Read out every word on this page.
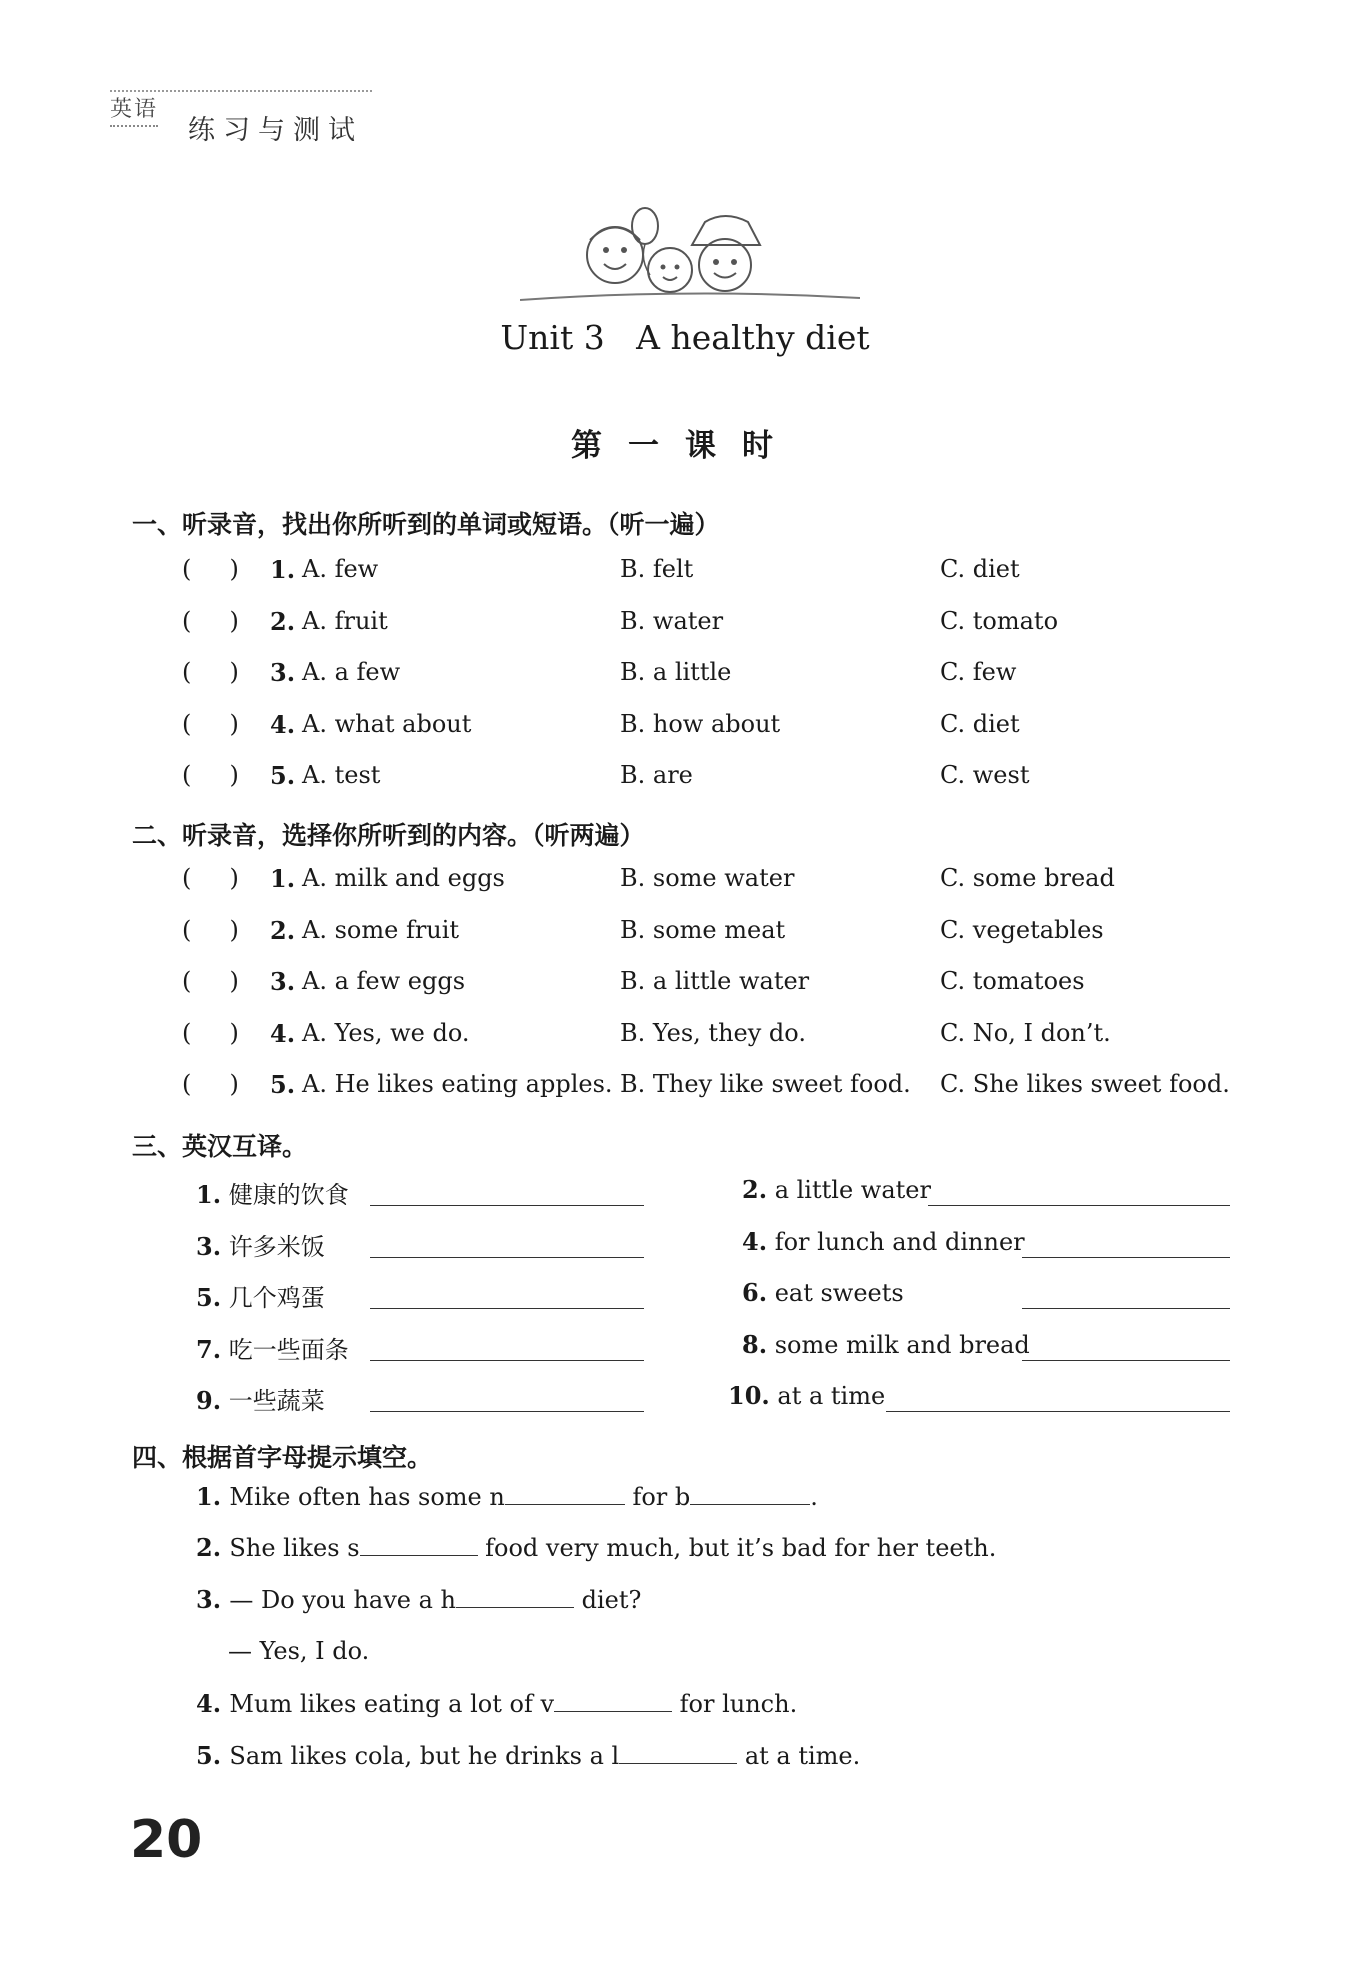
英语
练习与测试
Unit 3   A healthy diet
第一课时
一、听录音，找出你所听到的单词或短语。（听一遍）
(     ) 1. A. few	B. felt	C. diet
(     ) 2. A. fruit	B. water	C. tomato
(     ) 3. A. a few	B. a little	C. few
(     ) 4. A. what about	B. how about	C. diet
(     ) 5. A. test	B. are	C. west
二、听录音，选择你所听到的内容。（听两遍）
(     ) 1. A. milk and eggs	B. some water	C. some bread
(     ) 2. A. some fruit	B. some meat	C. vegetables
(     ) 3. A. a few eggs	B. a little water	C. tomatoes
(     ) 4. A. Yes, we do.	B. Yes, they do.	C. No, I don’t.
(     ) 5. A. He likes eating apples. B. They like sweet food. C. She likes sweet food.
三、英汉互译。
1. 健康的饮食	2. a little water
3. 许多米饭	4. for lunch and dinner
5. 几个鸡蛋	6. eat sweets
7. 吃一些面条	8. some milk and bread
9. 一些蔬菜	10. at a time
四、根据首字母提示填空。
1. Mike often has some n	for b	.
2. She likes s	food very much, but it’s bad for her teeth.
3. — Do you have a h	diet?
— Yes, I do.
4. Mum likes eating a lot of v	for lunch.
5. Sam likes cola, but he drinks a l	at a time.
20
